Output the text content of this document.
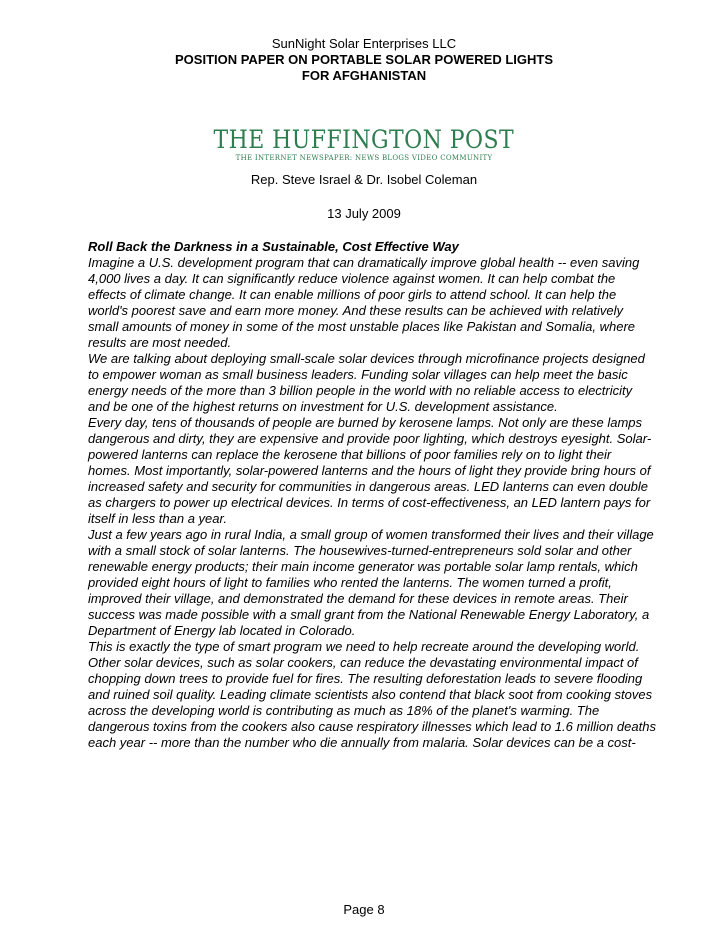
SunNight Solar Enterprises LLC
POSITION PAPER ON PORTABLE SOLAR POWERED LIGHTS
FOR AFGHANISTAN
THE HUFFINGTON POST
THE INTERNET NEWSPAPER: NEWS BLOGS VIDEO COMMUNITY
Rep. Steve Israel & Dr. Isobel Coleman
13 July 2009

Roll Back the Darkness in a Sustainable, Cost Effective Way

Imagine a U.S. development program that can dramatically improve global health -- even saving 4,000 lives a day. It can significantly reduce violence against women. It can help combat the effects of climate change. It can enable millions of poor girls to attend school. It can help the world's poorest save and earn more money. And these results can be achieved with relatively small amounts of money in some of the most unstable places like Pakistan and Somalia, where results are most needed.

We are talking about deploying small-scale solar devices through microfinance projects designed to empower woman as small business leaders. Funding solar villages can help meet the basic energy needs of the more than 3 billion people in the world with no reliable access to electricity and be one of the highest returns on investment for U.S. development assistance.

Every day, tens of thousands of people are burned by kerosene lamps. Not only are these lamps dangerous and dirty, they are expensive and provide poor lighting, which destroys eyesight. Solar-powered lanterns can replace the kerosene that billions of poor families rely on to light their homes. Most importantly, solar-powered lanterns and the hours of light they provide bring hours of increased safety and security for communities in dangerous areas. LED lanterns can even double as chargers to power up electrical devices. In terms of cost-effectiveness, an LED lantern pays for itself in less than a year.

Just a few years ago in rural India, a small group of women transformed their lives and their village with a small stock of solar lanterns. The housewives-turned-entrepreneurs sold solar and other renewable energy products; their main income generator was portable solar lamp rentals, which provided eight hours of light to families who rented the lanterns. The women turned a profit, improved their village, and demonstrated the demand for these devices in remote areas. Their success was made possible with a small grant from the National Renewable Energy Laboratory, a Department of Energy lab located in Colorado.

This is exactly the type of smart program we need to help recreate around the developing world. Other solar devices, such as solar cookers, can reduce the devastating environmental impact of chopping down trees to provide fuel for fires. The resulting deforestation leads to severe flooding and ruined soil quality. Leading climate scientists also contend that black soot from cooking stoves across the developing world is contributing as much as 18% of the planet's warming. The dangerous toxins from the cookers also cause respiratory illnesses which lead to 1.6 million deaths each year -- more than the number who die annually from malaria. Solar devices can be a cost-

Page 8
